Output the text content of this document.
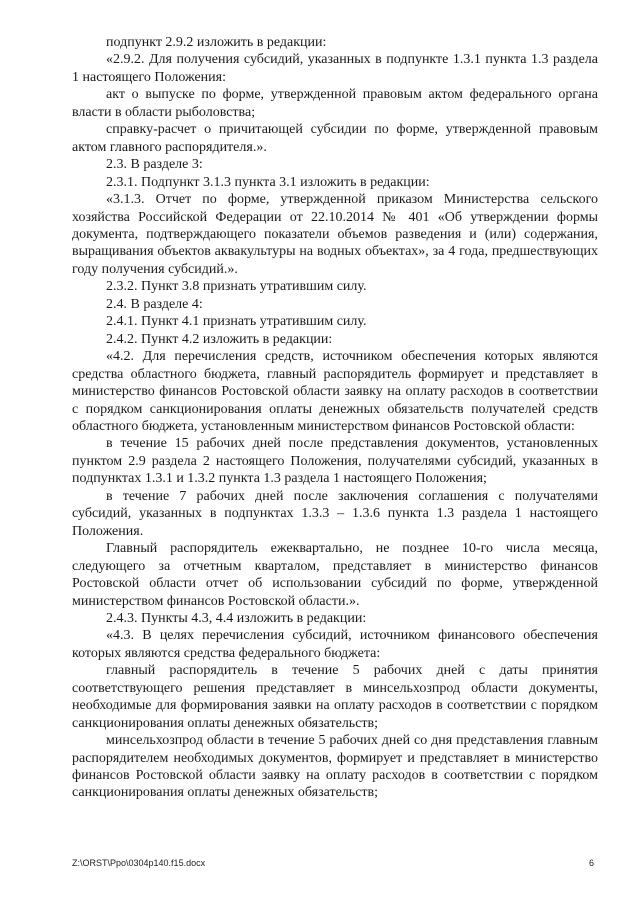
подпункт 2.9.2 изложить в редакции:

«2.9.2. Для получения субсидий, указанных в подпункте 1.3.1 пункта 1.3 раздела 1 настоящего Положения:

акт о выпуске по форме, утвержденной правовым актом федерального органа власти в области рыболовства;

справку-расчет о причитающей субсидии по форме, утвержденной правовым актом главного распорядителя.».

2.3. В разделе 3:

2.3.1. Подпункт 3.1.3 пункта 3.1 изложить в редакции:

«3.1.3. Отчет по форме, утвержденной приказом Министерства сельского хозяйства Российской Федерации от 22.10.2014 № 401 «Об утверждении формы документа, подтверждающего показатели объемов разведения и (или) содержания, выращивания объектов аквакультуры на водных объектах», за 4 года, предшествующих году получения субсидий.».

2.3.2. Пункт 3.8 признать утратившим силу.

2.4. В разделе 4:

2.4.1. Пункт 4.1 признать утратившим силу.

2.4.2. Пункт 4.2 изложить в редакции:

«4.2. Для перечисления средств, источником обеспечения которых являются средства областного бюджета, главный распорядитель формирует и представляет в министерство финансов Ростовской области заявку на оплату расходов в соответствии с порядком санкционирования оплаты денежных обязательств получателей средств областного бюджета, установленным министерством финансов Ростовской области:

в течение 15 рабочих дней после представления документов, установленных пунктом 2.9 раздела 2 настоящего Положения, получателями субсидий, указанных в подпунктах 1.3.1 и 1.3.2 пункта 1.3 раздела 1 настоящего Положения;

в течение 7 рабочих дней после заключения соглашения с получателями субсидий, указанных в подпунктах 1.3.3 – 1.3.6 пункта 1.3 раздела 1 настоящего Положения.

Главный распорядитель ежеквартально, не позднее 10-го числа месяца, следующего за отчетным кварталом, представляет в министерство финансов Ростовской области отчет об использовании субсидий по форме, утвержденной министерством финансов Ростовской области.».

2.4.3. Пункты 4.3, 4.4 изложить в редакции:

«4.3. В целях перечисления субсидий, источником финансового обеспечения которых являются средства федерального бюджета:

главный распорядитель в течение 5 рабочих дней с даты принятия соответствующего решения представляет в минсельхозпрод области документы, необходимые для формирования заявки на оплату расходов в соответствии с порядком санкционирования оплаты денежных обязательств;

минсельхозпрод области в течение 5 рабочих дней со дня представления главным распорядителем необходимых документов, формирует и представляет в министерство финансов Ростовской области заявку на оплату расходов в соответствии с порядком санкционирования оплаты денежных обязательств;

Z:\ORST\Ppo\0304p140.f15.docx	6
